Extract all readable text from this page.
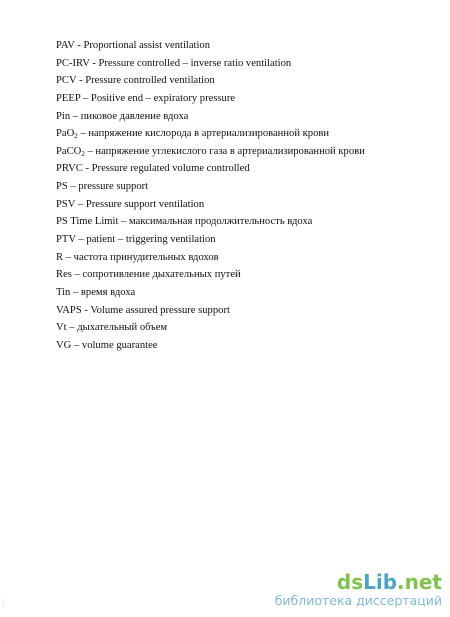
PAV - Proportional assist ventilation
PC-IRV - Pressure controlled – inverse ratio ventilation
PCV - Pressure controlled ventilation
PEEP – Positive end – expiratory pressure
Pin – пиковое давление вдоха
PaO2 – напряжение кислорода в артериализированной крови
PaCO2 – напряжение углекислого газа в артериализированной крови
PRVC - Pressure regulated volume controlled
PS – pressure support
PSV – Pressure support ventilation
PS Time Limit – максимальная продолжительность вдоха
PTV – patient – triggering ventilation
R – частота принудительных вдохов
Res – сопротивление дыхательных путей
Tin – время вдоха
VAPS - Volume assured pressure support
Vt – дыхательный объем
VG – volume guarantee
:
;
dsLib.net
библиотека диссертаций
